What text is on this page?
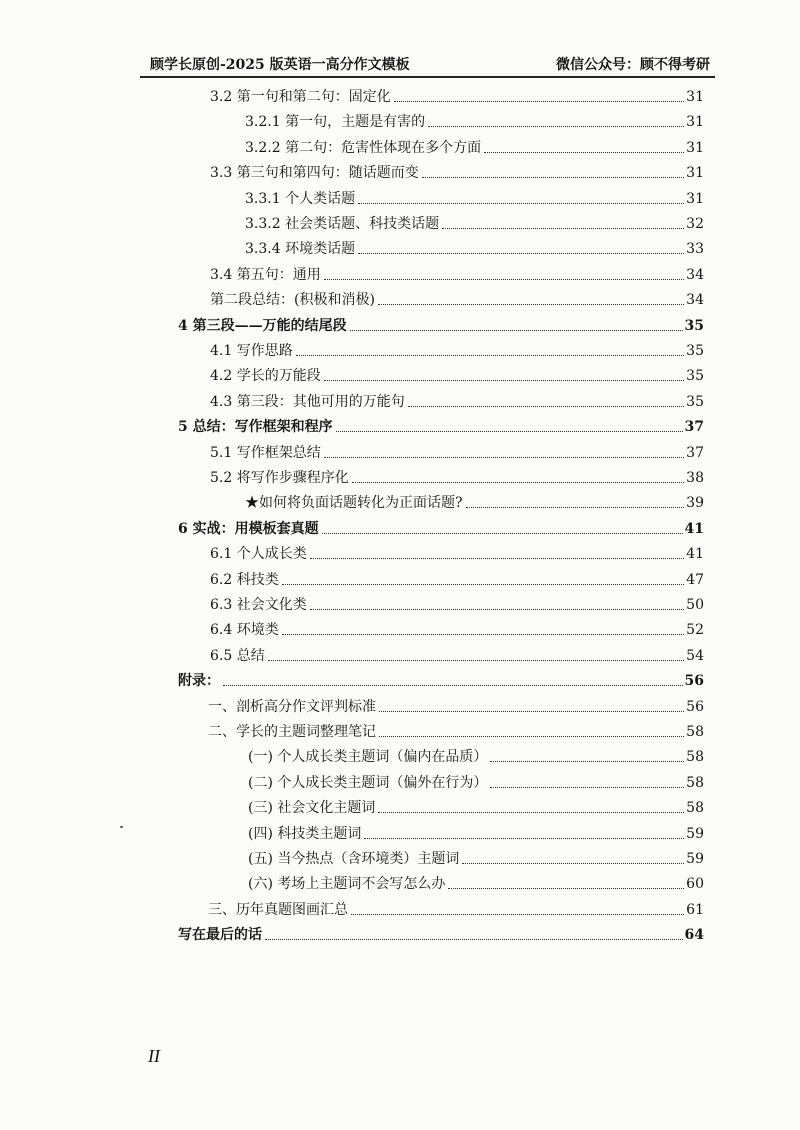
顾学长原创-2025 版英语一高分作文模板	微信公众号：顾不得考研
3.2 第一句和第二句：固定化	31
3.2.1 第一句，主题是有害的	31
3.2.2 第二句：危害性体现在多个方面	31
3.3 第三句和第四句：随话题而变	31
3.3.1 个人类话题	31
3.3.2 社会类话题、科技类话题	32
3.3.4 环境类话题	33
3.4 第五句：通用	34
第二段总结：(积极和消极)	34
4 第三段——万能的结尾段	35
4.1 写作思路	35
4.2 学长的万能段	35
4.3 第三段：其他可用的万能句	35
5 总结：写作框架和程序	37
5.1 写作框架总结	37
5.2 将写作步骤程序化	38
★如何将负面话题转化为正面话题?	39
6 实战：用模板套真题	41
6.1 个人成长类	41
6.2 科技类	47
6.3 社会文化类	50
6.4 环境类	52
6.5 总结	54
附录：	56
一、剖析高分作文评判标准	56
二、学长的主题词整理笔记	58
(一) 个人成长类主题词（偏内在品质）	58
(二) 个人成长类主题词（偏外在行为）	58
(三) 社会文化主题词	58
(四) 科技类主题词	59
(五) 当今热点（含环境类）主题词	59
(六) 考场上主题词不会写怎么办	60
三、历年真题图画汇总	61
写在最后的话	64
II
